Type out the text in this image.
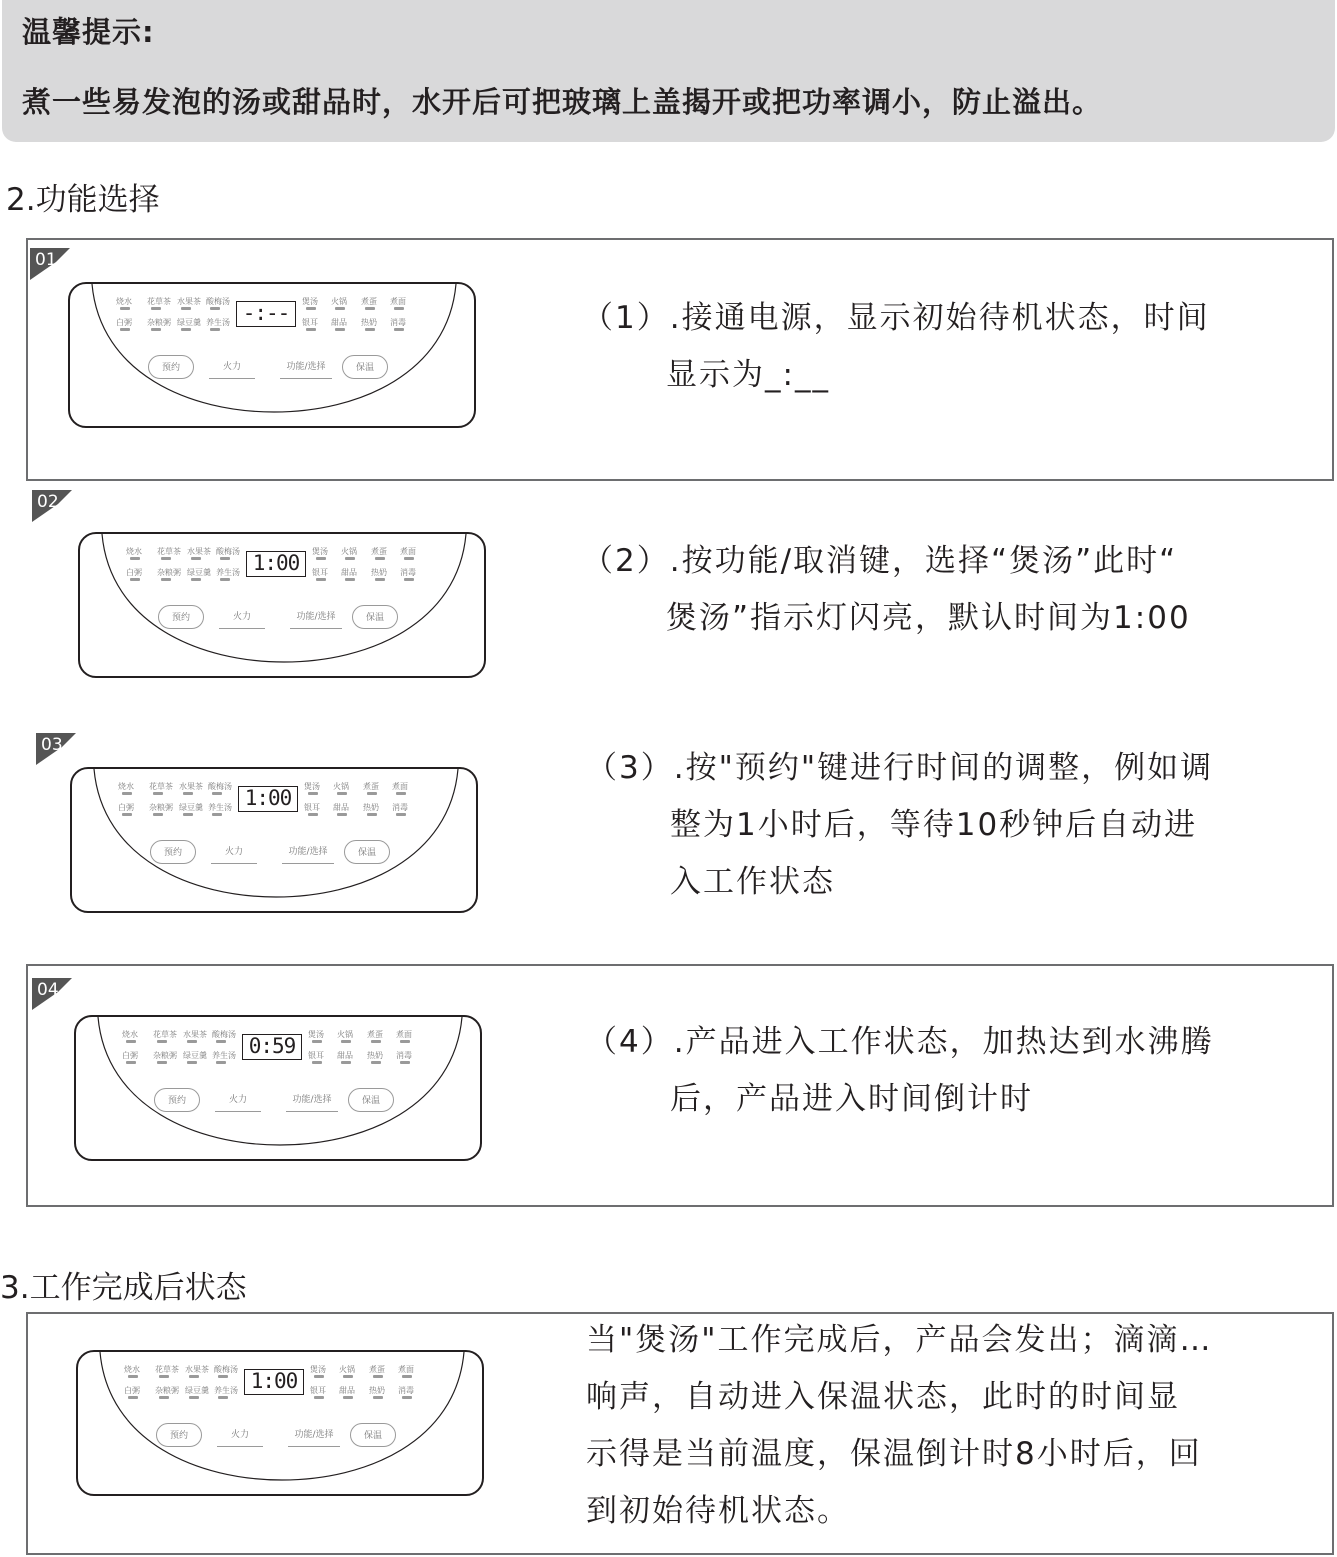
温馨提示:
煮一些易发泡的汤或甜品时，水开后可把玻璃上盖揭开或把功率调小，防止溢出。
2.功能选择
01
-:--
烧水 花草茶 水果茶 酸梅汤	煲汤 火锅 煮蛋 煮面
白粥 杂粮粥 绿豆羹 养生汤	银耳 甜品 热奶 消毒
预约	火力	功能/选择	保温
（1）.接通电源，显示初始待机状态，时间
显示为_:__
02
1:00
烧水 花草茶 水果茶 酸梅汤	煲汤 火锅 煮蛋 煮面
白粥 杂粮粥 绿豆羹 养生汤	银耳 甜品 热奶 消毒
预约	火力	功能/选择	保温
（2）.按功能/取消键，选择“煲汤”此时“
煲汤”指示灯闪亮，默认时间为1:00
03
1:00
烧水 花草茶 水果茶 酸梅汤	煲汤 火锅 煮蛋 煮面
白粥 杂粮粥 绿豆羹 养生汤	银耳 甜品 热奶 消毒
预约	火力	功能/选择	保温
（3）.按"预约"键进行时间的调整，例如调
整为1小时后，等待10秒钟后自动进
入工作状态
04
0:59
烧水 花草茶 水果茶 酸梅汤	煲汤 火锅 煮蛋 煮面
白粥 杂粮粥 绿豆羹 养生汤	银耳 甜品 热奶 消毒
预约	火力	功能/选择	保温
（4）.产品进入工作状态，加热达到水沸腾
后，产品进入时间倒计时
3.工作完成后状态
1:00
烧水 花草茶 水果茶 酸梅汤	煲汤 火锅 煮蛋 煮面
白粥 杂粮粥 绿豆羹 养生汤	银耳 甜品 热奶 消毒
预约	火力	功能/选择	保温
当"煲汤"工作完成后，产品会发出；滴滴…
响声，自动进入保温状态，此时的时间显
示得是当前温度，保温倒计时8小时后，回
到初始待机状态。
